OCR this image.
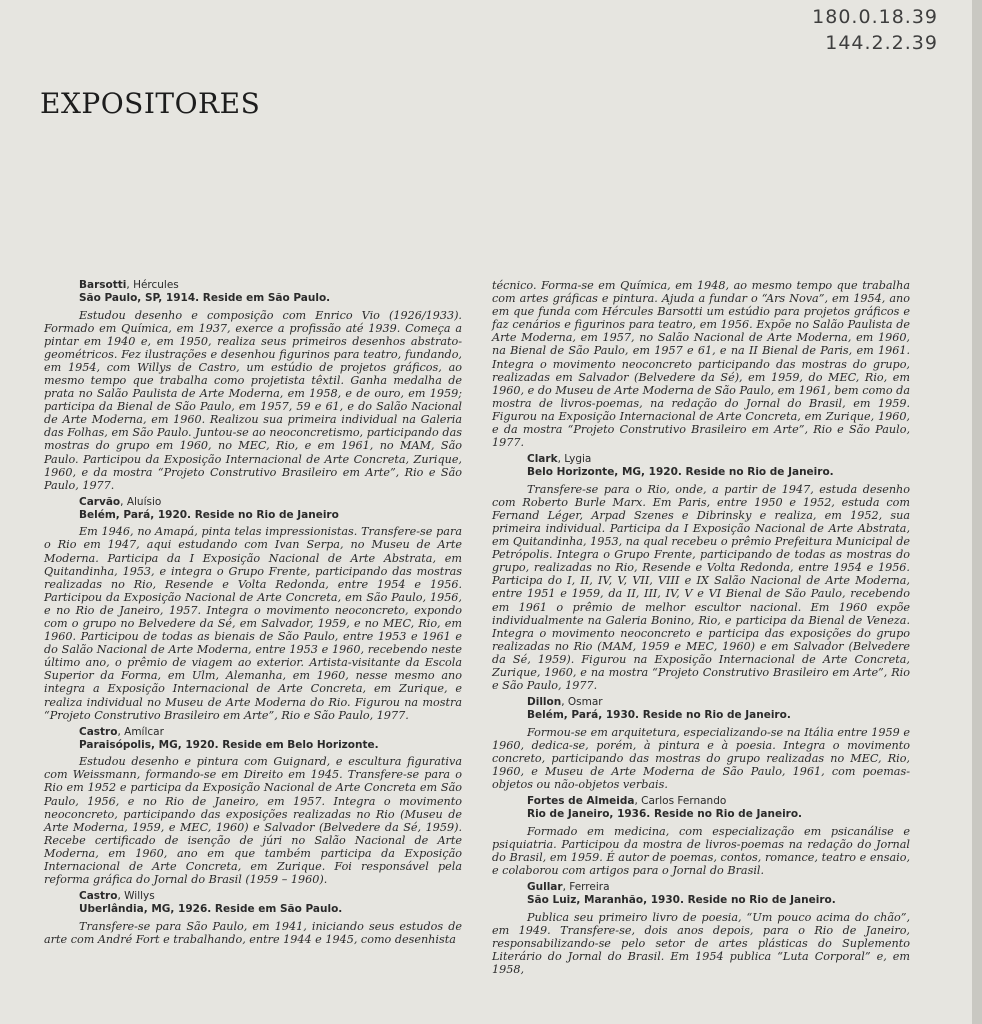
180.0.18.39
144.2.2.39
EXPOSITORES
Barsotti, Hércules
São Paulo, SP, 1914. Reside em São Paulo.

Estudou desenho e composição com Enrico Vio (1926/1933). Formado em Química, em 1937, exerce a profissão até 1939. Começa a pintar em 1940 e, em 1950, realiza seus primeiros desenhos abstrato-geométricos. Fez ilustrações e desenhou figurinos para teatro, fundando, em 1954, com Willys de Castro, um estúdio de projetos gráficos, ao mesmo tempo que trabalha como projetista têxtil. Ganha medalha de prata no Salão Paulista de Arte Moderna, em 1958, e de ouro, em 1959; participa da Bienal de São Paulo, em 1957, 59 e 61, e do Salão Nacional de Arte Moderna, em 1960. Realizou sua primeira individual na Galeria das Folhas, em São Paulo. Juntou-se ao neoconcretismo, participando das mostras do grupo em 1960, no MEC, Rio, e em 1961, no MAM, São Paulo. Participou da Exposição Internacional de Arte Concreta, Zurique, 1960, e da mostra “Projeto Construtivo Brasileiro em Arte”, Rio e São Paulo, 1977.

Carvão, Aluísio
Belém, Pará, 1920. Reside no Rio de Janeiro

Em 1946, no Amapá, pinta telas impressionistas. Transfere-se para o Rio em 1947, aqui estudando com Ivan Serpa, no Museu de Arte Moderna. Participa da I Exposição Nacional de Arte Abstrata, em Quitandinha, 1953, e integra o Grupo Frente, participando das mostras realizadas no Rio, Resende e Volta Redonda, entre 1954 e 1956. Participou da Exposição Nacional de Arte Concreta, em São Paulo, 1956, e no Rio de Janeiro, 1957. Integra o movimento neoconcreto, expondo com o grupo no Belvedere da Sé, em Salvador, 1959, e no MEC, Rio, em 1960. Participou de todas as bienais de São Paulo, entre 1953 e 1961 e do Salão Nacional de Arte Moderna, entre 1953 e 1960, recebendo neste último ano, o prêmio de viagem ao exterior. Artista-visitante da Escola Superior da Forma, em Ulm, Alemanha, em 1960, nesse mesmo ano integra a Exposição Internacional de Arte Concreta, em Zurique, e realiza individual no Museu de Arte Moderna do Rio. Figurou na mostra “Projeto Construtivo Brasileiro em Arte”, Rio e São Paulo, 1977.

Castro, Amílcar
Paraisópolis, MG, 1920. Reside em Belo Horizonte.

Estudou desenho e pintura com Guignard, e escultura figurativa com Weissmann, formando-se em Direito em 1945. Transfere-se para o Rio em 1952 e participa da Exposição Nacional de Arte Concreta em São Paulo, 1956, e no Rio de Janeiro, em 1957. Integra o movimento neoconcreto, participando das exposições realizadas no Rio (Museu de Arte Moderna, 1959, e MEC, 1960) e Salvador (Belvedere da Sé, 1959). Recebe certificado de isenção de júri no Salão Nacional de Arte Moderna, em 1960, ano em que também participa da Exposição Internacional de Arte Concreta, em Zurique. Foi responsável pela reforma gráfica do Jornal do Brasil (1959 – 1960).

Castro, Willys
Uberlândia, MG, 1926. Reside em São Paulo.

Transfere-se para São Paulo, em 1941, iniciando seus estudos de arte com André Fort e trabalhando, entre 1944 e 1945, como desenhista

técnico. Forma-se em Química, em 1948, ao mesmo tempo que trabalha com artes gráficas e pintura. Ajuda a fundar o “Ars Nova”, em 1954, ano em que funda com Hércules Barsotti um estúdio para projetos gráficos e faz cenários e figurinos para teatro, em 1956. Expõe no Salão Paulista de Arte Moderna, em 1957, no Salão Nacional de Arte Moderna, em 1960, na Bienal de São Paulo, em 1957 e 61, e na II Bienal de Paris, em 1961. Integra o movimento neoconcreto participando das mostras do grupo, realizadas em Salvador (Belvedere da Sé), em 1959, do MEC, Rio, em 1960, e do Museu de Arte Moderna de São Paulo, em 1961, bem como da mostra de livros-poemas, na redação do Jornal do Brasil, em 1959. Figurou na Exposição Internacional de Arte Concreta, em Zurique, 1960, e da mostra “Projeto Construtivo Brasileiro em Arte”, Rio e São Paulo, 1977.

Clark, Lygia
Belo Horizonte, MG, 1920. Reside no Rio de Janeiro.

Transfere-se para o Rio, onde, a partir de 1947, estuda desenho com Roberto Burle Marx. Em Paris, entre 1950 e 1952, estuda com Fernand Léger, Arpad Szenes e Dibrinsky e realiza, em 1952, sua primeira individual. Participa da I Exposição Nacional de Arte Abstrata, em Quitandinha, 1953, na qual recebeu o prêmio Prefeitura Municipal de Petrópolis. Integra o Grupo Frente, participando de todas as mostras do grupo, realizadas no Rio, Resende e Volta Redonda, entre 1954 e 1956. Participa do I, II, IV, V, VII, VIII e IX Salão Nacional de Arte Moderna, entre 1951 e 1959, da II, III, IV, V e VI Bienal de São Paulo, recebendo em 1961 o prêmio de melhor escultor nacional. Em 1960 expõe individualmente na Galeria Bonino, Rio, e participa da Bienal de Veneza. Integra o movimento neoconcreto e participa das exposições do grupo realizadas no Rio (MAM, 1959 e MEC, 1960) e em Salvador (Belvedere da Sé, 1959). Figurou na Exposição Internacional de Arte Concreta, Zurique, 1960, e na mostra “Projeto Construtivo Brasileiro em Arte”, Rio e São Paulo, 1977.

Dillon, Osmar
Belém, Pará, 1930. Reside no Rio de Janeiro.

Formou-se em arquitetura, especializando-se na Itália entre 1959 e 1960, dedica-se, porém, à pintura e à poesia. Integra o movimento concreto, participando das mostras do grupo realizadas no MEC, Rio, 1960, e Museu de Arte Moderna de São Paulo, 1961, com poemas-objetos ou não-objetos verbais.

Fortes de Almeida, Carlos Fernando
Rio de Janeiro, 1936. Reside no Rio de Janeiro.

Formado em medicina, com especialização em psicanálise e psiquiatria. Participou da mostra de livros-poemas na redação do Jornal do Brasil, em 1959. É autor de poemas, contos, romance, teatro e ensaio, e colaborou com artigos para o Jornal do Brasil.

Gullar, Ferreira
São Luiz, Maranhão, 1930. Reside no Rio de Janeiro.

Publica seu primeiro livro de poesia, “Um pouco acima do chão”, em 1949. Transfere-se, dois anos depois, para o Rio de Janeiro, responsabilizando-se pelo setor de artes plásticas do Suplemento Literário do Jornal do Brasil. Em 1954 publica “Luta Corporal” e, em 1958,
